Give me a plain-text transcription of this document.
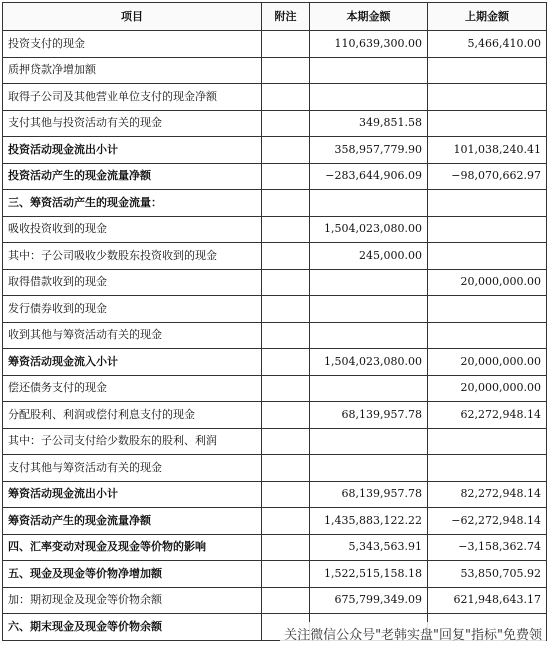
项目	附注	本期金额	上期金额
投资支付的现金		110,639,300.00	5,466,410.00
质押贷款净增加额			
取得子公司及其他营业单位支付的现金净额			
支付其他与投资活动有关的现金		349,851.58	
投资活动现金流出小计		358,957,779.90	101,038,240.41
投资活动产生的现金流量净额		−283,644,906.09	−98,070,662.97
三、筹资活动产生的现金流量：			
吸收投资收到的现金		1,504,023,080.00	
其中：子公司吸收少数股东投资收到的现金		245,000.00	
取得借款收到的现金			20,000,000.00
发行债券收到的现金			
收到其他与筹资活动有关的现金			
筹资活动现金流入小计		1,504,023,080.00	20,000,000.00
偿还债务支付的现金			20,000,000.00
分配股利、利润或偿付利息支付的现金		68,139,957.78	62,272,948.14
其中：子公司支付给少数股东的股利、利润			
支付其他与筹资活动有关的现金			
筹资活动现金流出小计		68,139,957.78	82,272,948.14
筹资活动产生的现金流量净额		1,435,883,122.22	−62,272,948.14
四、汇率变动对现金及现金等价物的影响		5,343,563.91	−3,158,362.74
五、现金及现金等价物净增加额		1,522,515,158.18	53,850,705.92
加：期初现金及现金等价物余额		675,799,349.09	621,948,643.17
六、期末现金及现金等价物余额			
关注微信公众号"老韩实盘"回复"指标"免费领
